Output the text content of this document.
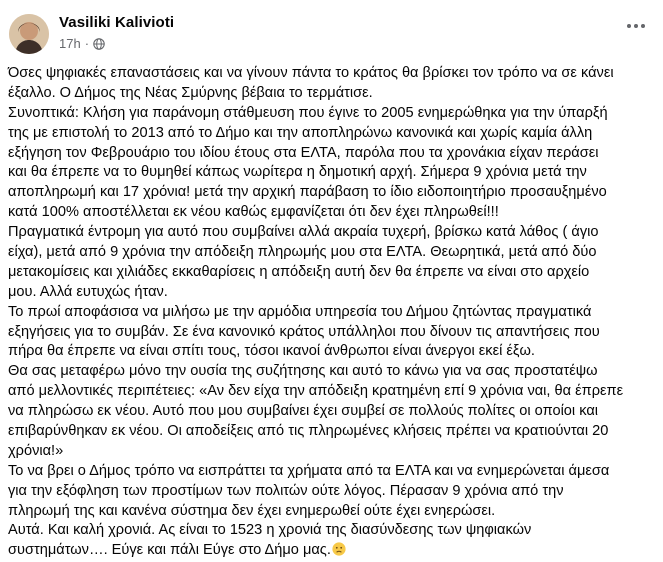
Vasiliki Kalivioti
17h ·
Όσες ψηφιακές επαναστάσεις και να γίνουν πάντα το κράτος θα βρίσκει τον τρόπο να σε κάνει
έξαλλο. Ο Δήμος της Νέας Σμύρνης βέβαια το τερμάτισε.
Συνοπτικά: Κλήση για παράνομη στάθμευση που έγινε το 2005 ενημερώθηκα για την ύπαρξή
της με επιστολή το 2013 από το Δήμο και την αποπληρώνω κανονικά και χωρίς καμία άλλη
εξήγηση τον Φεβρουάριο του ιδίου έτους στα ΕΛΤΑ, παρόλα που τα χρονάκια είχαν περάσει
και θα έπρεπε να το θυμηθεί κάπως νωρίτερα η δημοτική αρχή. Σήμερα 9 χρόνια μετά την
αποπληρωμή και 17 χρόνια! μετά την αρχική παράβαση το ίδιο ειδοποιητήριο προσαυξημένο
κατά 100% αποστέλλεται εκ νέου καθώς εμφανίζεται ότι δεν έχει πληρωθεί!!!
Πραγματικά έντρομη για αυτό που συμβαίνει αλλά ακραία τυχερή, βρίσκω κατά λάθος ( άγιο
είχα), μετά από 9 χρόνια την απόδειξη πληρωμής μου στα ΕΛΤΑ. Θεωρητικά, μετά από δύο
μετακομίσεις και χιλιάδες εκκαθαρίσεις η απόδειξη αυτή δεν θα έπρεπε να είναι στο αρχείο
μου. Αλλά ευτυχώς ήταν.
Το πρωί αποφάσισα να μιλήσω με την αρμόδια υπηρεσία του Δήμου ζητώντας πραγματικά
εξηγήσεις για το συμβάν. Σε ένα κανονικό κράτος υπάλληλοι που δίνουν τις απαντήσεις που
πήρα θα έπρεπε να είναι σπίτι τους, τόσοι ικανοί άνθρωποι είναι άνεργοι εκεί έξω.
Θα σας μεταφέρω μόνο την ουσία της συζήτησης και αυτό το κάνω για να σας προστατέψω
από μελλοντικές περιπέτειες: «Αν δεν είχα την απόδειξη κρατημένη επί 9 χρόνια ναι, θα έπρεπε
να πληρώσω εκ νέου. Αυτό που μου συμβαίνει έχει συμβεί σε πολλούς πολίτες οι οποίοι και
επιβαρύνθηκαν εκ νέου. Οι αποδείξεις από τις πληρωμένες κλήσεις πρέπει να κρατιούνται 20
χρόνια!»
Το να βρει ο Δήμος τρόπο να εισπράττει τα χρήματα από τα ΕΛΤΑ και να ενημερώνεται άμεσα
για την εξόφληση των προστίμων των πολιτών ούτε λόγος. Πέρασαν 9 χρόνια από την
πληρωμή της και κανένα σύστημα δεν έχει ενημερωθεί ούτε έχει ενηερώσει.
Αυτά. Και καλή χρονιά. Ας είναι το 1523 η χρονιά της διασύνδεσης των ψηφιακών
συστημάτων…. Εύγε και πάλι Εύγε στο Δήμο μας.
